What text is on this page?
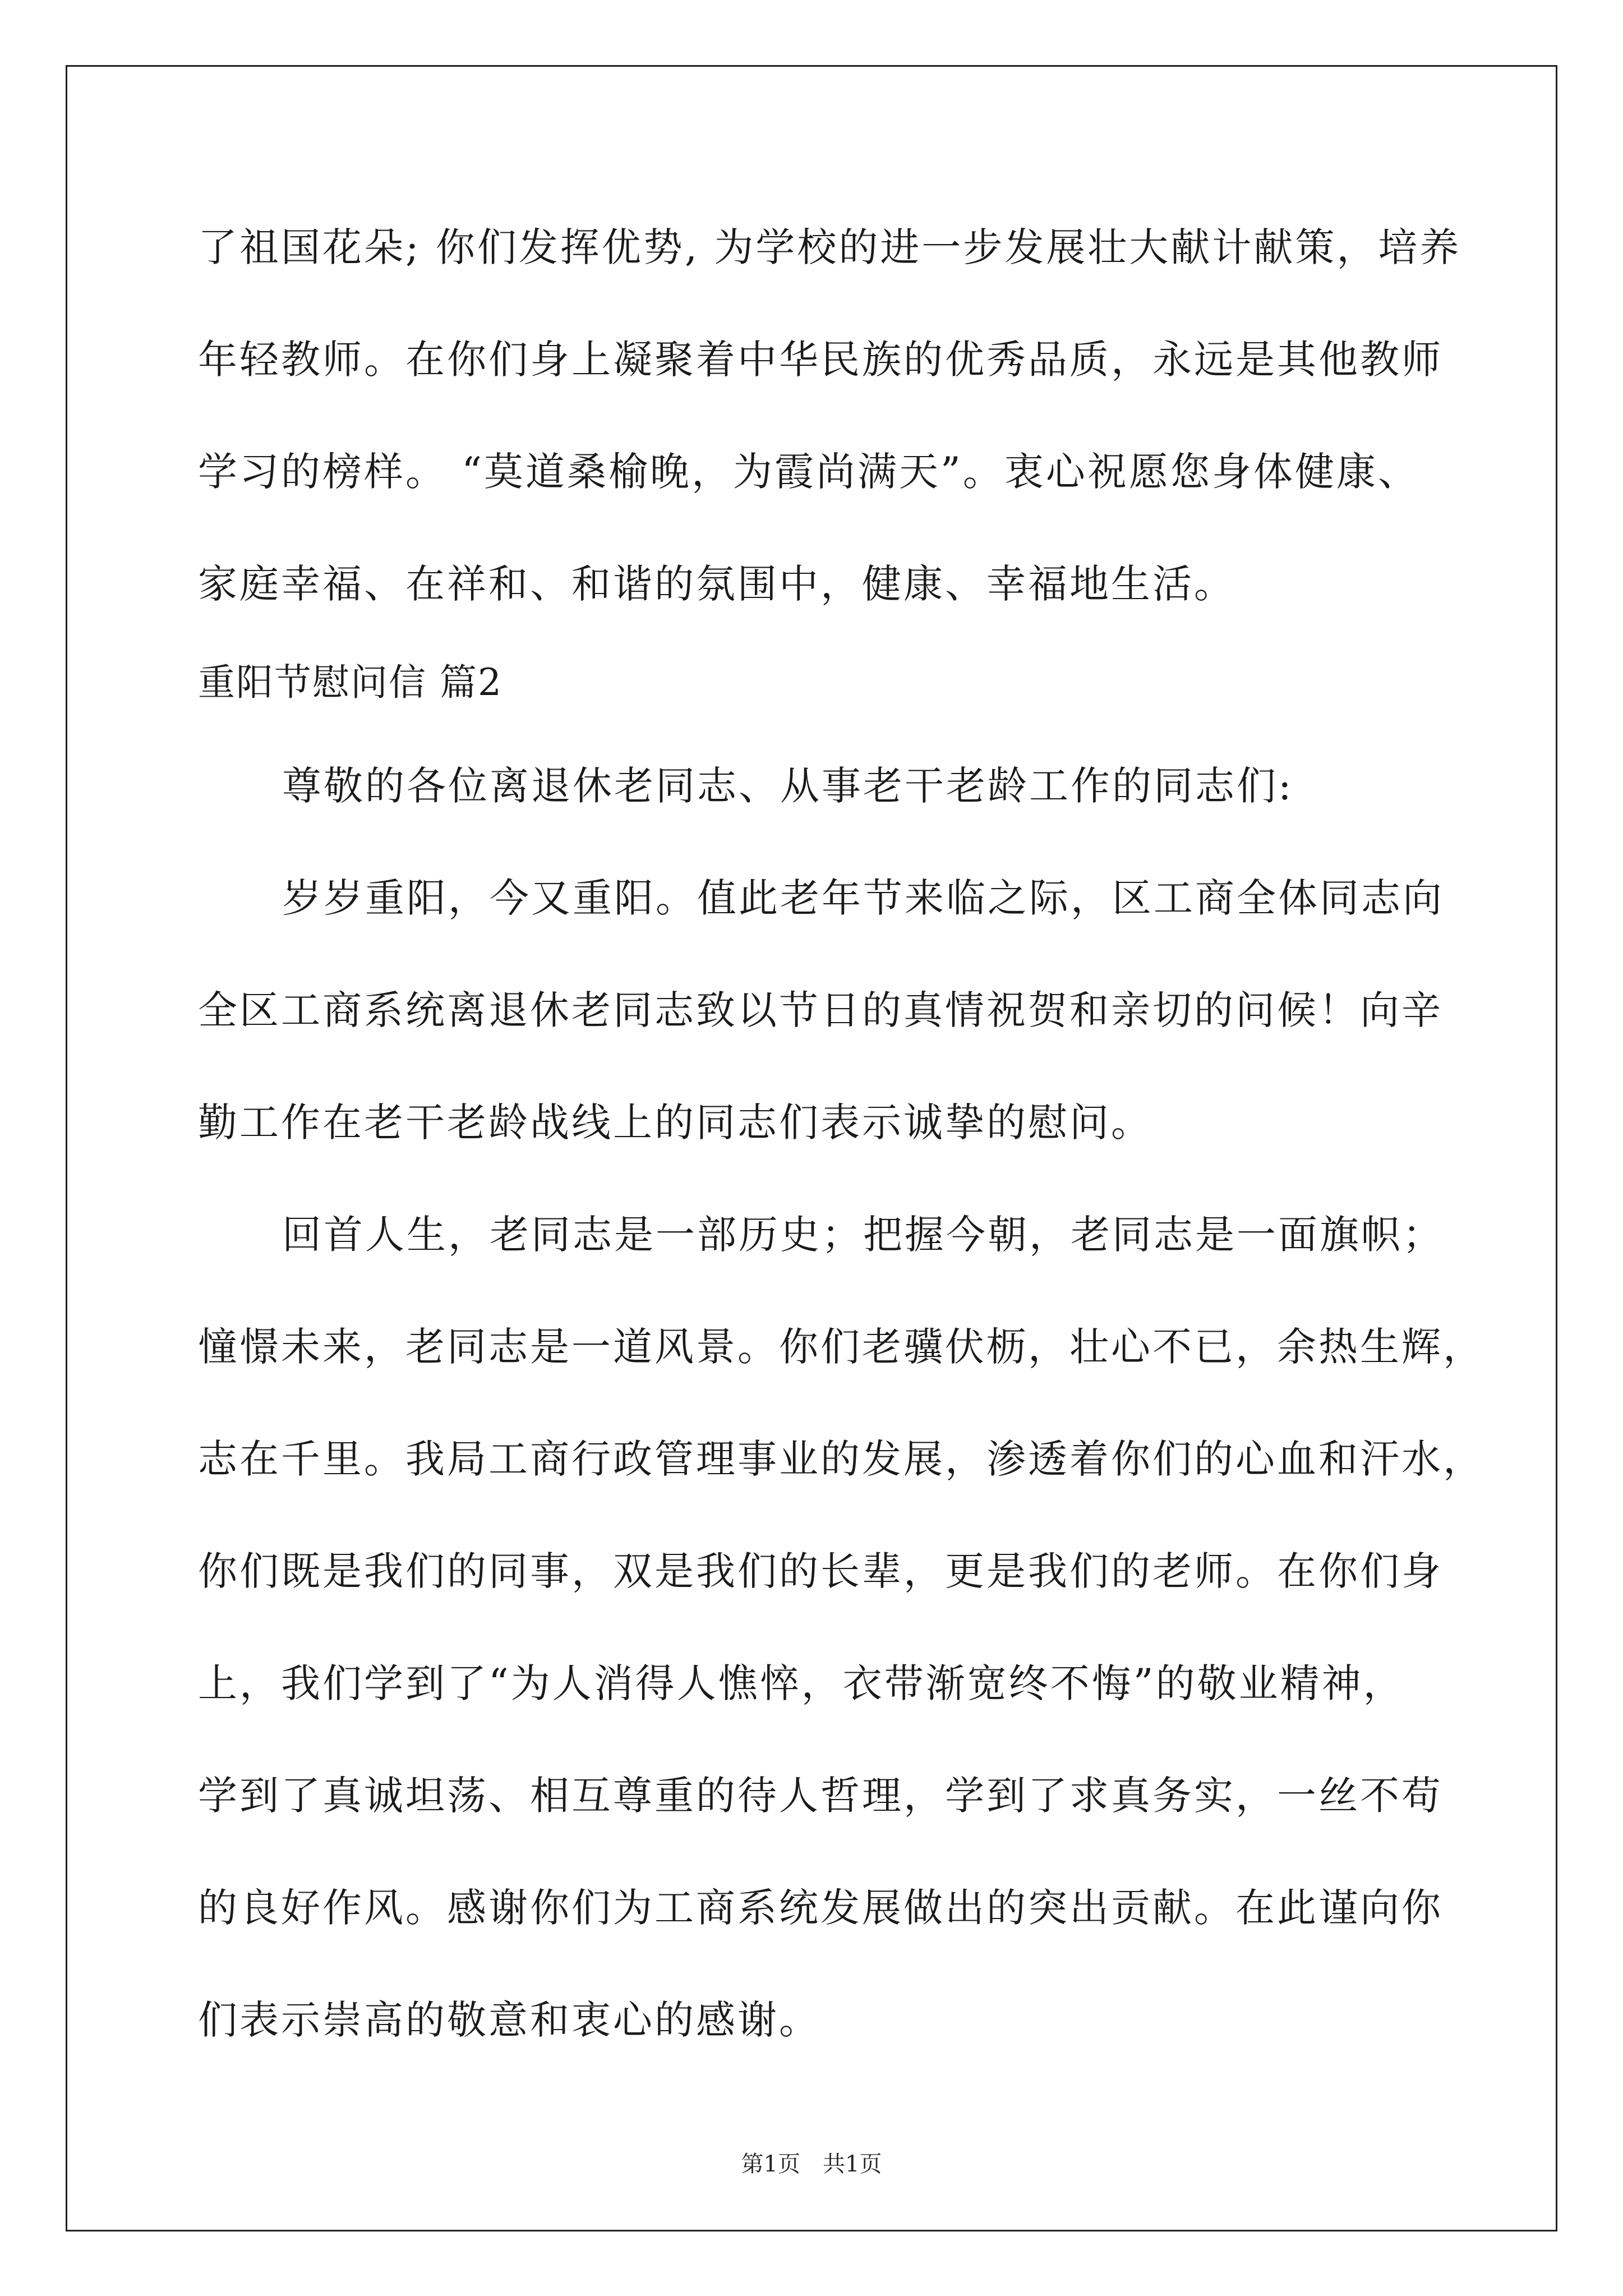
了祖国花朵; 你们发挥优势, 为学校的进一步发展壮大献计献策，培养
年轻教师。在你们身上凝聚着中华民族的优秀品质，永远是其他教师
学习的榜样。 “莫道桑榆晚，为霞尚满天”。衷心祝愿您身体健康、
家庭幸福、在祥和、和谐的氛围中，健康、幸福地生活。
重阳节慰问信 篇2
尊敬的各位离退休老同志、从事老干老龄工作的同志们:
岁岁重阳，今又重阳。值此老年节来临之际，区工商全体同志向
全区工商系统离退休老同志致以节日的真情祝贺和亲切的问候！向辛
勤工作在老干老龄战线上的同志们表示诚挚的慰问。
回首人生，老同志是一部历史；把握今朝，老同志是一面旗帜；
憧憬未来，老同志是一道风景。你们老骥伏枥，壮心不已，余热生辉，
志在千里。我局工商行政管理事业的发展，渗透着你们的心血和汗水，
你们既是我们的同事，双是我们的长辈，更是我们的老师。在你们身
上，我们学到了“为人消得人憔悴，衣带渐宽终不悔”的敬业精神，
学到了真诚坦荡、相互尊重的待人哲理，学到了求真务实，一丝不苟
的良好作风。感谢你们为工商系统发展做出的突出贡献。在此谨向你
们表示崇高的敬意和衷心的感谢。
第1页　共1页
